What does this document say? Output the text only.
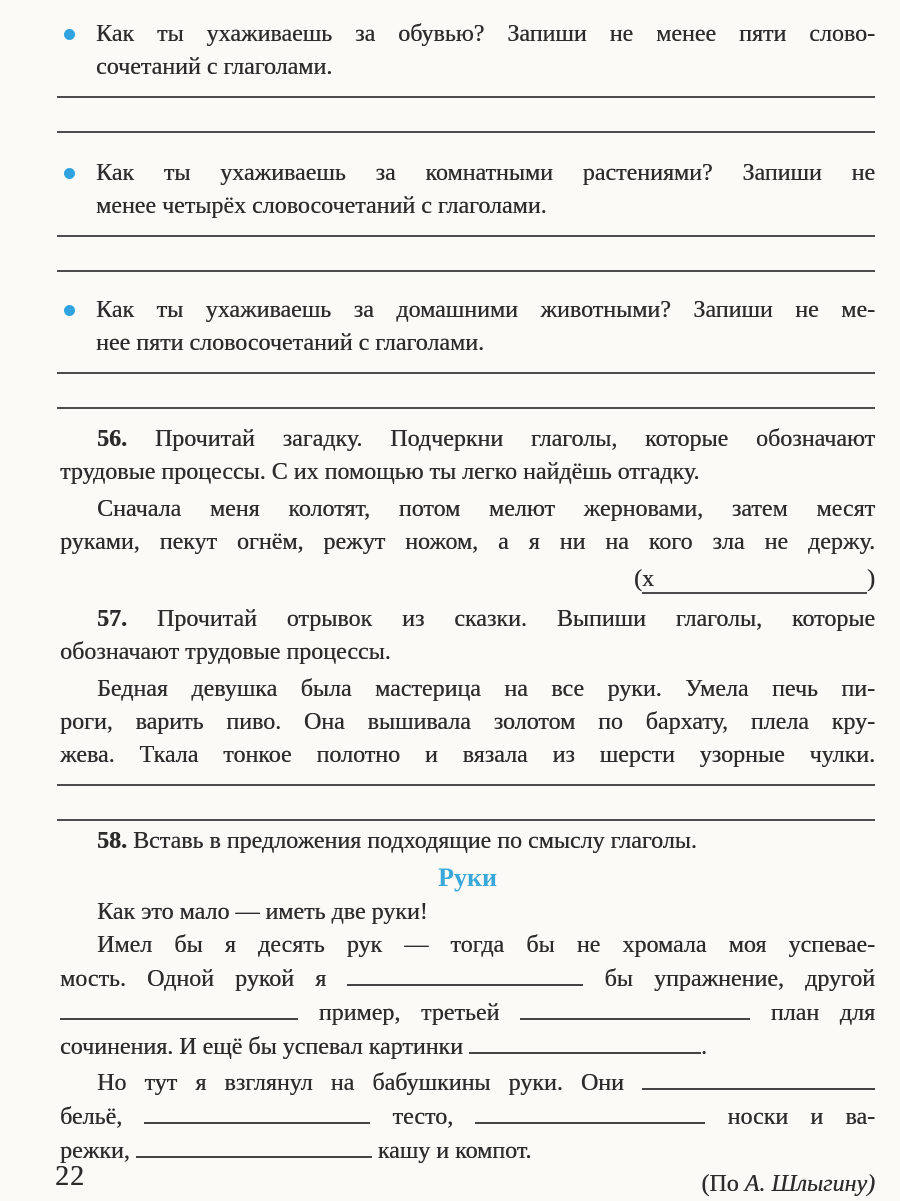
Как ты ухаживаешь за обувью? Запиши не менее пяти слово-
сочетаний с глаголами.
Как ты ухаживаешь за комнатными растениями? Запиши не
менее четырёх словосочетаний с глаголами.
Как ты ухаживаешь за домашними животными? Запиши не ме-
нее пяти словосочетаний с глаголами.
56. Прочитай загадку. Подчеркни глаголы, которые обозначают
трудовые процессы. С их помощью ты легко найдёшь отгадку.
Сначала меня колотят, потом мелют жерновами, затем месят
руками, пекут огнём, режут ножом, а я ни на кого зла не держу.
(х	)
57. Прочитай отрывок из сказки. Выпиши глаголы, которые
обозначают трудовые процессы.
Бедная девушка была мастерица на все руки. Умела печь пи-
роги, варить пиво. Она вышивала золотом по бархату, плела кру-
жева. Ткала тонкое полотно и вязала из шерсти узорные чулки.
58. Вставь в предложения подходящие по смыслу глаголы.
Руки
Как это мало — иметь две руки!
Имел бы я десять рук — тогда бы не хромала моя успевае-
мость. Одной рукой я	бы упражнение, другой
пример, третьей	план для
сочинения. И ещё бы успевал картинки	.
Но тут я взглянул на бабушкины руки. Они
бельё,	тесто,	носки и ва-
режки,	кашу и компот.
(По А. Шлыгину)
22
